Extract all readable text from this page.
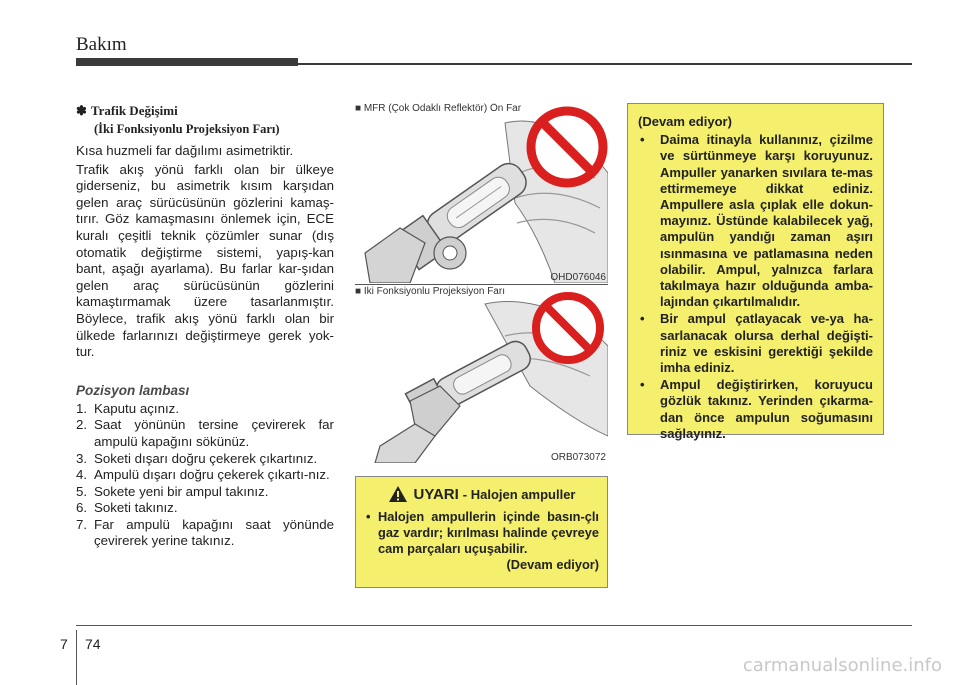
Bakım

✽ Trafik Değişimi

(İki Fonksiyonlu Projeksiyon Farı)

Kısa huzmeli far dağılımı asimetriktir.

Trafik akış yönü farklı olan bir ülkeye giderseniz, bu asimetrik kısım karşıdan gelen araç sürücüsünün gözlerini kamaş-tırır. Göz kamaşmasını önlemek için, ECE kuralı çeşitli teknik çözümler sunar (dış otomatik değiştirme sistemi, yapış-kan bant, aşağı ayarlama). Bu farlar kar-şıdan gelen araç sürücüsünün gözlerini kamaştırmamak üzere tasarlanmıştır. Böylece, trafik akış yönü farklı olan bir ülkede farlarınızı değiştirmeye gerek yok-tur.

Pozisyon lambası

1. Kaputu açınız.
2. Saat yönünün tersine çevirerek far ampulü kapağını sökünüz.
3. Soketi dışarı doğru çekerek çıkartınız.
4. Ampulü dışarı doğru çekerek çıkartı-nız.
5. Sokete yeni bir ampul takınız.
6. Soketi takınız.
7. Far ampulü kapağını saat yönünde çevirerek yerine takınız.
■ MFR (Çok Odaklı Reflektör) Ön Far
OHD076046
■ İki Fonksiyonlu Projeksiyon Farı
ORB073072
(Devam ediyor)
• Daima itinayla kullanınız, çizilme ve sürtünmeye karşı koruyunuz. Ampuller yanarken sıvılara te-mas ettirmemeye dikkat ediniz. Ampullere asla çıplak elle dokun-mayınız. Üstünde kalabilecek yağ, ampulün yandığı zaman aşırı ısınmasına ve patlamasına neden olabilir. Ampul, yalnızca farlara takılmaya hazır olduğunda amba-lajından çıkartılmalıdır.
• Bir ampul çatlayacak ve-ya ha-sarlanacak olursa derhal değişti-riniz ve eskisini gerektiği şekilde imha ediniz.
• Ampul değiştirirken, koruyucu gözlük takınız. Yerinden çıkarma-dan önce ampulun soğumasını sağlayınız.
UYARI - Halojen ampuller
• Halojen ampullerin içinde basın-çlı gaz vardır; kırılması halinde çevreye cam parçaları uçuşabilir.
(Devam ediyor)
7 74
carmanualsonline.info
